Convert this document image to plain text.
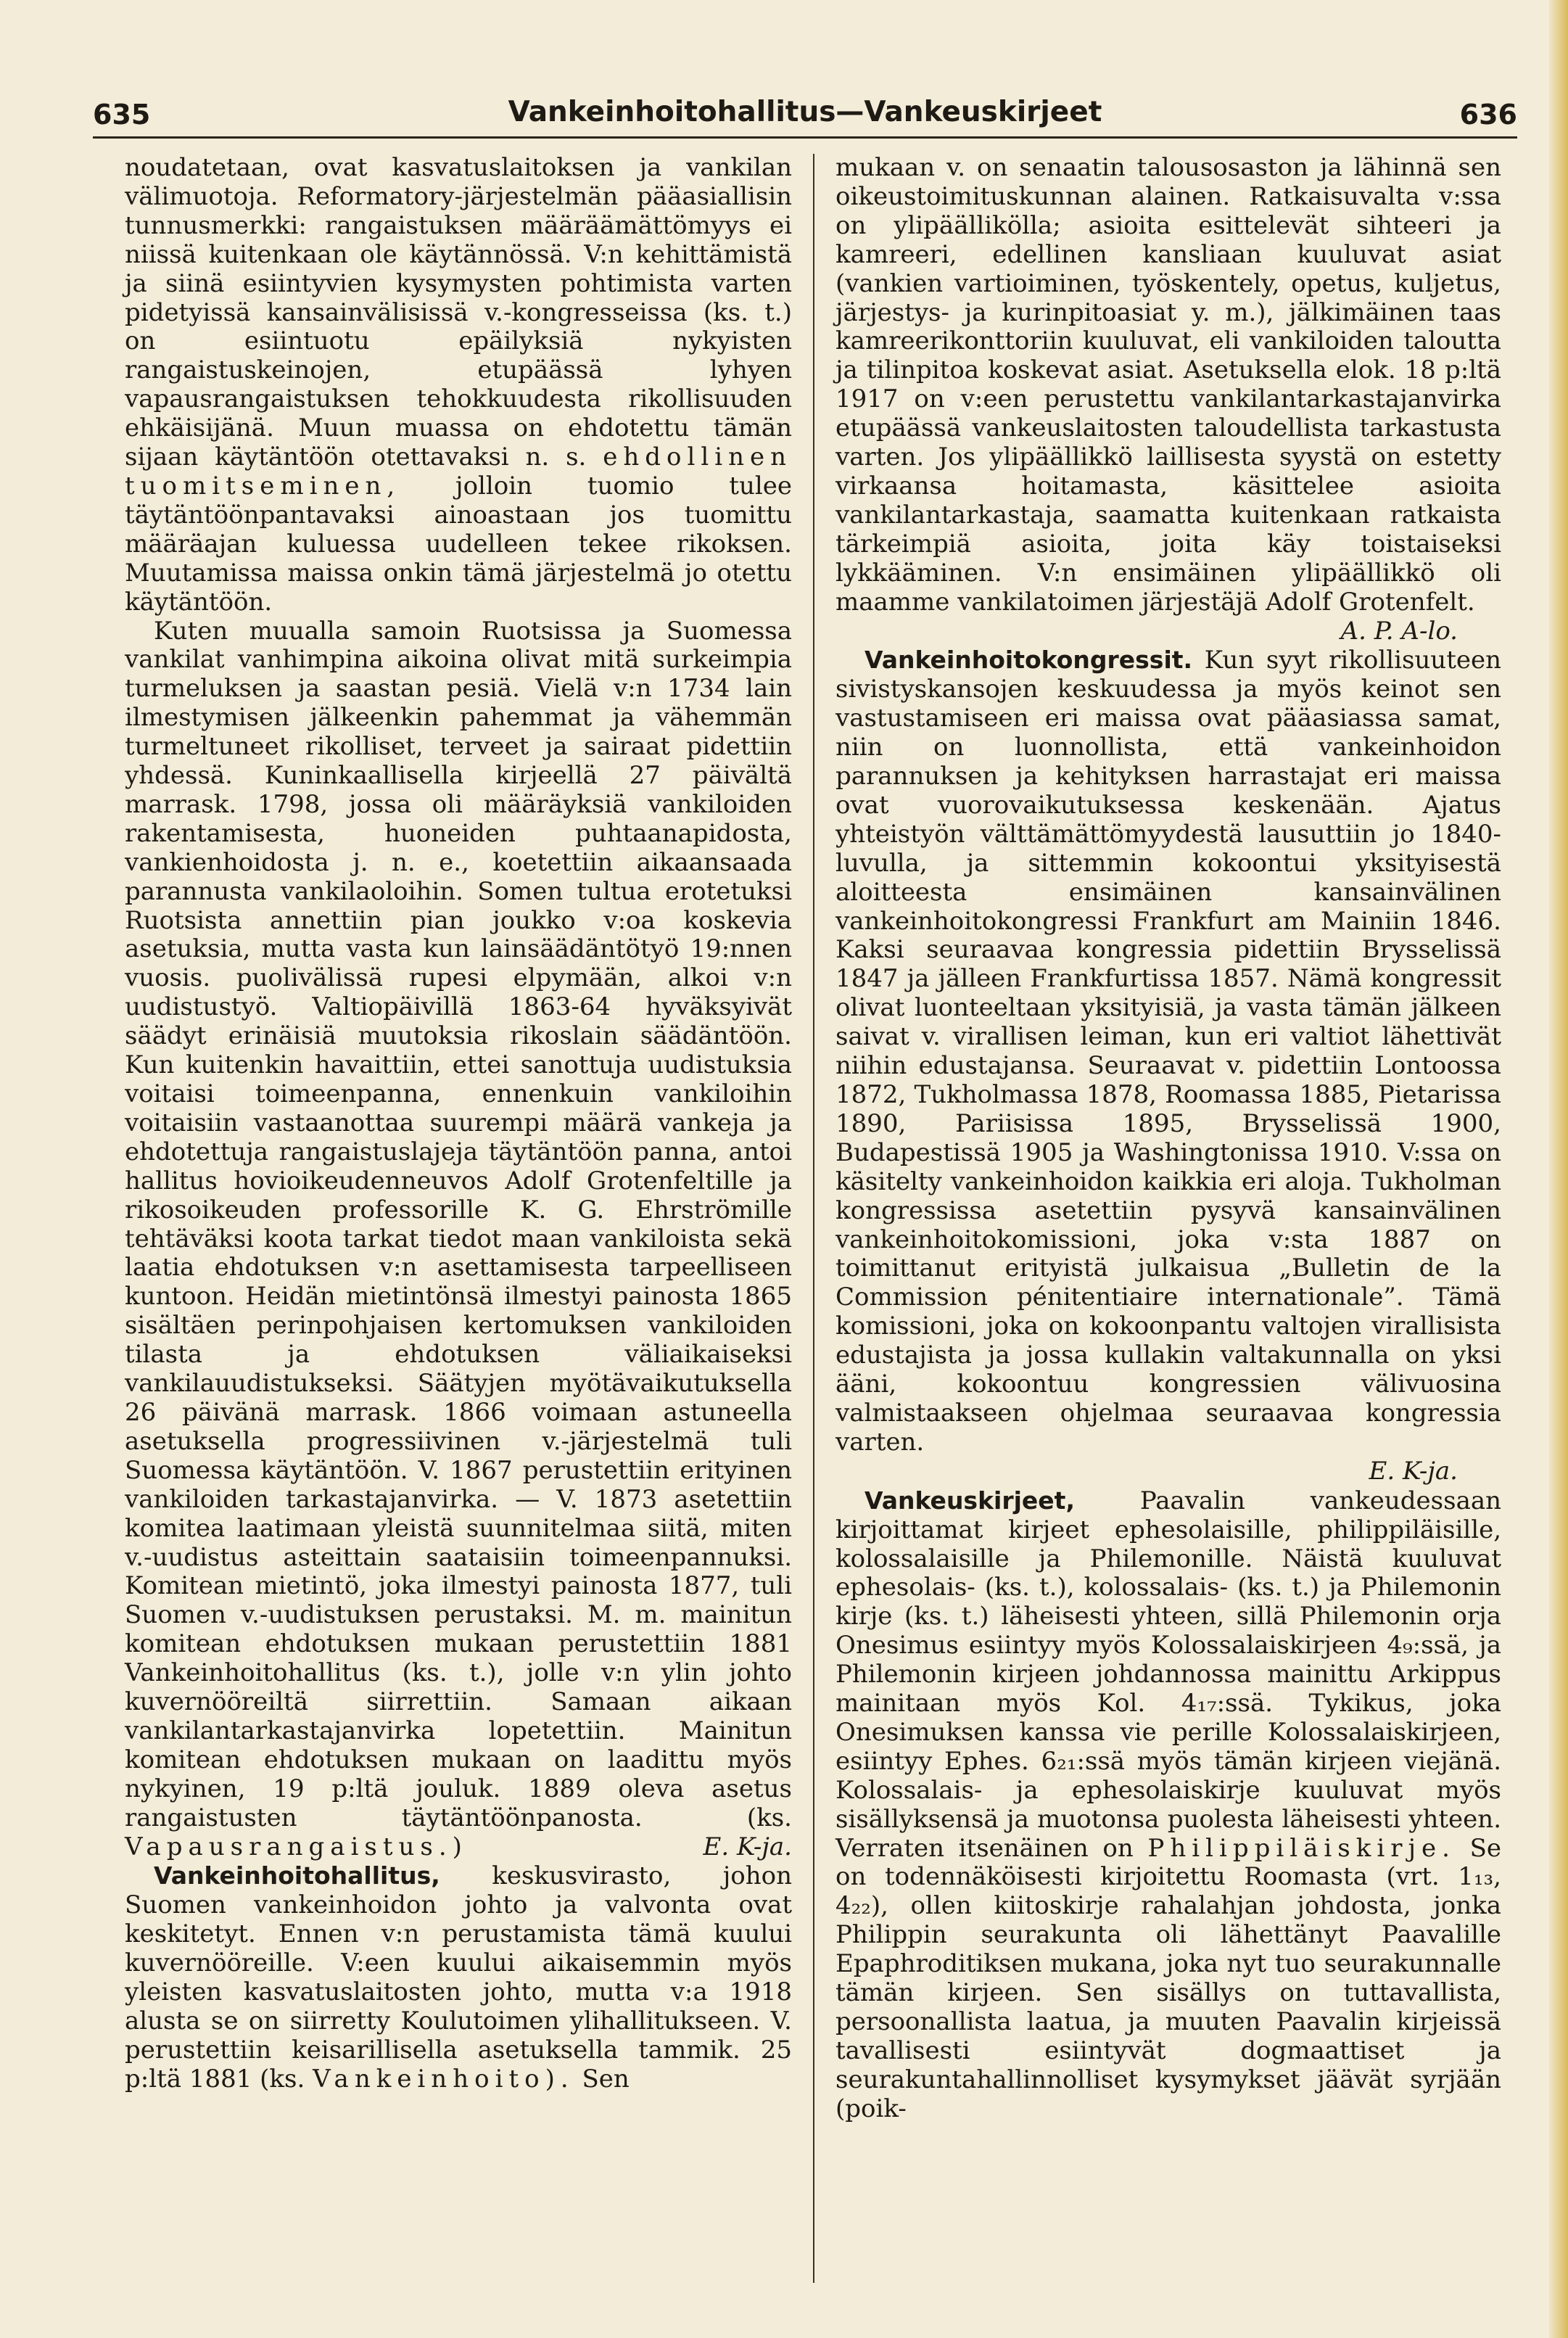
635	Vankeinhoitohallitus—Vankeuskirjeet	636

noudatetaan, ovat kasvatuslaitoksen ja vankilan välimuotoja. Reformatory-järjestelmän pääasiallisin tunnusmerkki: rangaistuksen määräämättömyys ei niissä kuitenkaan ole käytännössä. V:n kehittämistä ja siinä esiintyvien kysymysten pohtimista varten pidetyissä kansainvälisissä v.-kongresseissa (ks. t.) on esiintuotu epäilyksiä nykyisten rangaistuskeinojen, etupäässä lyhyen vapausrangaistuksen tehokkuudesta rikollisuuden ehkäisijänä. Muun muassa on ehdotettu tämän sijaan käytäntöön otettavaksi n. s. ehdollinen tuomitseminen, jolloin tuomio tulee täytäntöönpantavaksi ainoastaan jos tuomittu määräajan kuluessa uudelleen tekee rikoksen. Muutamissa maissa onkin tämä järjestelmä jo otettu käytäntöön.

Kuten muualla samoin Ruotsissa ja Suomessa vankilat vanhimpina aikoina olivat mitä surkeimpia turmeluksen ja saastan pesiä. Vielä v:n 1734 lain ilmestymisen jälkeenkin pahemmat ja vähemmän turmeltuneet rikolliset, terveet ja sairaat pidettiin yhdessä. Kuninkaallisella kirjeellä 27 päivältä marrask. 1798, jossa oli määräyksiä vankiloiden rakentamisesta, huoneiden puhtaanapidosta, vankienhoidosta j. n. e., koetettiin aikaansaada parannusta vankilaoloihin. Somen tultua erotetuksi Ruotsista annettiin pian joukko v:oa koskevia asetuksia, mutta vasta kun lainsäädäntötyö 19:nnen vuosis. puolivälissä rupesi elpymään, alkoi v:n uudistustyö. Valtiopäivillä 1863-64 hyväksyivät säädyt erinäisiä muutoksia rikoslain säädäntöön. Kun kuitenkin havaittiin, ettei sanottuja uudistuksia voitaisi toimeenpanna, ennenkuin vankiloihin voitaisiin vastaanottaa suurempi määrä vankeja ja ehdotettuja rangaistuslajeja täytäntöön panna, antoi hallitus hovioikeudenneuvos Adolf Grotenfeltille ja rikosoikeuden professorille K. G. Ehrströmille tehtäväksi koota tarkat tiedot maan vankiloista sekä laatia ehdotuksen v:n asettamisesta tarpeelliseen kuntoon. Heidän mietintönsä ilmestyi painosta 1865 sisältäen perinpohjaisen kertomuksen vankiloiden tilasta ja ehdotuksen väliaikaiseksi vankilauudistukseksi. Säätyjen myötävaikutuksella 26 päivänä marrask. 1866 voimaan astuneella asetuksella progressiivinen v.-järjestelmä tuli Suomessa käytäntöön. V. 1867 perustettiin erityinen vankiloiden tarkastajanvirka. — V. 1873 asetettiin komitea laatimaan yleistä suunnitelmaa siitä, miten v.-uudistus asteittain saataisiin toimeenpannuksi. Komitean mietintö, joka ilmestyi painosta 1877, tuli Suomen v.-uudistuksen perustaksi. M. m. mainitun komitean ehdotuksen mukaan perustettiin 1881 Vankeinhoitohallitus (ks. t.), jolle v:n ylin johto kuvernööreiltä siirrettiin. Samaan aikaan vankilantarkastajanvirka lopetettiin. Mainitun komitean ehdotuksen mukaan on laadittu myös nykyinen, 19 p:ltä jouluk. 1889 oleva asetus rangaistusten täytäntöönpanosta. (ks. Vapausrangaistus.)	E. K-ja.

Vankeinhoitohallitus, keskusvirasto, johon Suomen vankeinhoidon johto ja valvonta ovat keskitetyt. Ennen v:n perustamista tämä kuului kuvernööreille. V:een kuului aikaisemmin myös yleisten kasvatuslaitosten johto, mutta v:a 1918 alusta se on siirretty Koulutoimen ylihallitukseen. V. perustettiin keisarillisella asetuksella tammik. 25 p:ltä 1881 (ks. Vankeinhoito). Sen

mukaan v. on senaatin talousosaston ja lähinnä sen oikeustoimituskunnan alainen. Ratkaisuvalta v:ssa on ylipäällikölla; asioita esittelevät sihteeri ja kamreeri, edellinen kansliaan kuuluvat asiat (vankien vartioiminen, työskentely, opetus, kuljetus, järjestys- ja kurinpitoasiat y. m.), jälkimäinen taas kamreerikonttoriin kuuluvat, eli vankiloiden taloutta ja tilinpitoa koskevat asiat. Asetuksella elok. 18 p:ltä 1917 on v:een perustettu vankilantarkastajanvirka etupäässä vankeuslaitosten taloudellista tarkastusta varten. Jos ylipäällikkö laillisesta syystä on estetty virkaansa hoitamasta, käsittelee asioita vankilantarkastaja, saamatta kuitenkaan ratkaista tärkeimpiä asioita, joita käy toistaiseksi lykkääminen. V:n ensimäinen ylipäällikkö oli maamme vankilatoimen järjestäjä Adolf Grotenfelt.

A. P. A-lo.

Vankeinhoitokongressit. Kun syyt rikollisuuteen sivistyskansojen keskuudessa ja myös keinot sen vastustamiseen eri maissa ovat pääasiassa samat, niin on luonnollista, että vankeinhoidon parannuksen ja kehityksen harrastajat eri maissa ovat vuorovaikutuksessa keskenään. Ajatus yhteistyön välttämättömyydestä lausuttiin jo 1840-luvulla, ja sittemmin kokoontui yksityisestä aloitteesta ensimäinen kansainvälinen vankeinhoitokongressi Frankfurt am Mainiin 1846. Kaksi seuraavaa kongressia pidettiin Brysselissä 1847 ja jälleen Frankfurtissa 1857. Nämä kongressit olivat luonteeltaan yksityisiä, ja vasta tämän jälkeen saivat v. virallisen leiman, kun eri valtiot lähettivät niihin edustajansa. Seuraavat v. pidettiin Lontoossa 1872, Tukholmassa 1878, Roomassa 1885, Pietarissa 1890, Pariisissa 1895, Brysselissä 1900, Budapestissä 1905 ja Washingtonissa 1910. V:ssa on käsitelty vankeinhoidon kaikkia eri aloja. Tukholman kongressissa asetettiin pysyvä kansainvälinen vankeinhoitokomissioni, joka v:sta 1887 on toimittanut erityistä julkaisua „Bulletin de la Commission pénitentiaire internationale”. Tämä komissioni, joka on kokoonpantu valtojen virallisista edustajista ja jossa kullakin valtakunnalla on yksi ääni, kokoontuu kongressien välivuosina valmistaakseen ohjelmaa seuraavaa kongressia varten.

E. K-ja.

Vankeuskirjeet,	Paavalin vankeudessaan kirjoittamat kirjeet ephesolaisille, philippiläisille, kolossalaisille ja Philemonille. Näistä kuuluvat ephesolais- (ks. t.), kolossalais- (ks. t.) ja Philemonin kirje (ks. t.) läheisesti yhteen, sillä Philemonin orja Onesimus esiintyy myös Kolossalaiskirjeen 4₉:ssä, ja Philemonin kirjeen johdannossa mainittu Arkippus mainitaan myös Kol. 4₁₇:ssä. Tykikus, joka Onesimuksen kanssa vie perille Kolossalaiskirjeen, esiintyy Ephes. 6₂₁:ssä myös tämän kirjeen viejänä. Kolossalais- ja ephesolaiskirje kuuluvat myös sisällyksensä ja muotonsa puolesta läheisesti yhteen. Verraten itsenäinen on Philippiläiskirje. Se on todennäköisesti kirjoitettu Roomasta (vrt. 1₁₃, 4₂₂), ollen kiitoskirje rahalahjan johdosta, jonka Philippin seurakunta oli lähettänyt Paavalille Epaphroditiksen mukana, joka nyt tuo seurakunnalle tämän kirjeen. Sen sisällys on tuttavallista, persoonallista laatua, ja muuten Paavalin kirjeissä tavallisesti esiintyvät dogmaattiset ja seurakuntahallinnolliset kysymykset jäävät syrjään (poik-
